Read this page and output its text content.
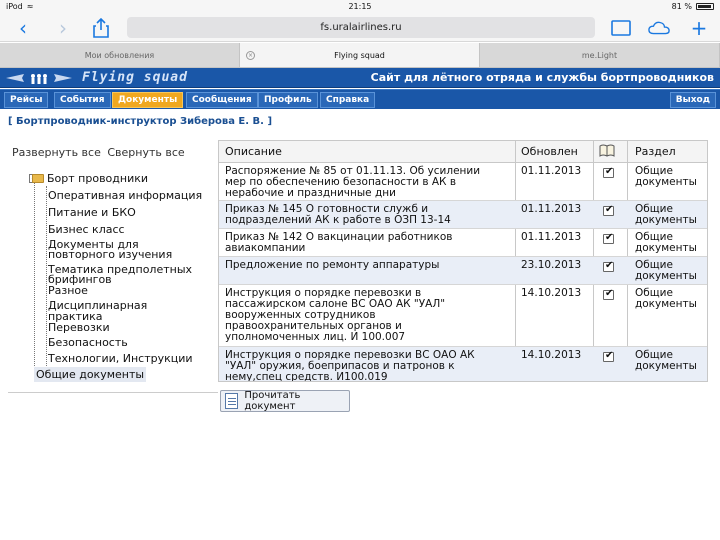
iPod ≈	21:15	81 %
‹	›	fs.uralairlines.ru	+
Мои обновления	×	Flying squad	me.Light
Flying squad	Сайт для лётного отряда и службы бортпроводников
Рейсы	События	Документы	Сообщения	Профиль	Справка	Выход
[ Бортпроводник-инструктор Зиберова Е. В. ]
Развернуть все Свернуть все
Борт проводники
Оперативная информация
Питание и БКО
Бизнес класс
Документы для
повторного изучения
Тематика предполетных
брифингов
Разное
Дисциплинарная
практика
Перевозки
Безопасность
Технологии, Инструкции
Общие документы
Описание	Обновлен	Раздел
Распоряжение № 85 от 01.11.13. Об усилении
мер по обеспечению безопасности в АК в
нерабочие и праздничные дни
01.11.2013 ✔	Общие
документы
Приказ № 145 О готовности служб и
подразделений АК к работе в ОЗП 13-14
01.11.2013 ✔	Общие
документы
Приказ № 142 О вакцинации работников
авиакомпании
01.11.2013 ✔	Общие
документы
Предложение по ремонту аппаратуры	23.10.2013 ✔	Общие
документы
Инструкция о порядке перевозки в
пассажирском салоне ВС ОАО АК "УАЛ"
вооруженных сотрудников
правоохранительных органов и
уполномоченных лиц. И 100.007
14.10.2013 ✔	Общие
документы
Инструкция о порядке перевозки ВС ОАО АК
"УАЛ" оружия, боеприпасов и патронов к
нему,спец средств. И100.019
14.10.2013 ✔	Общие
документы
Прочитать документ
